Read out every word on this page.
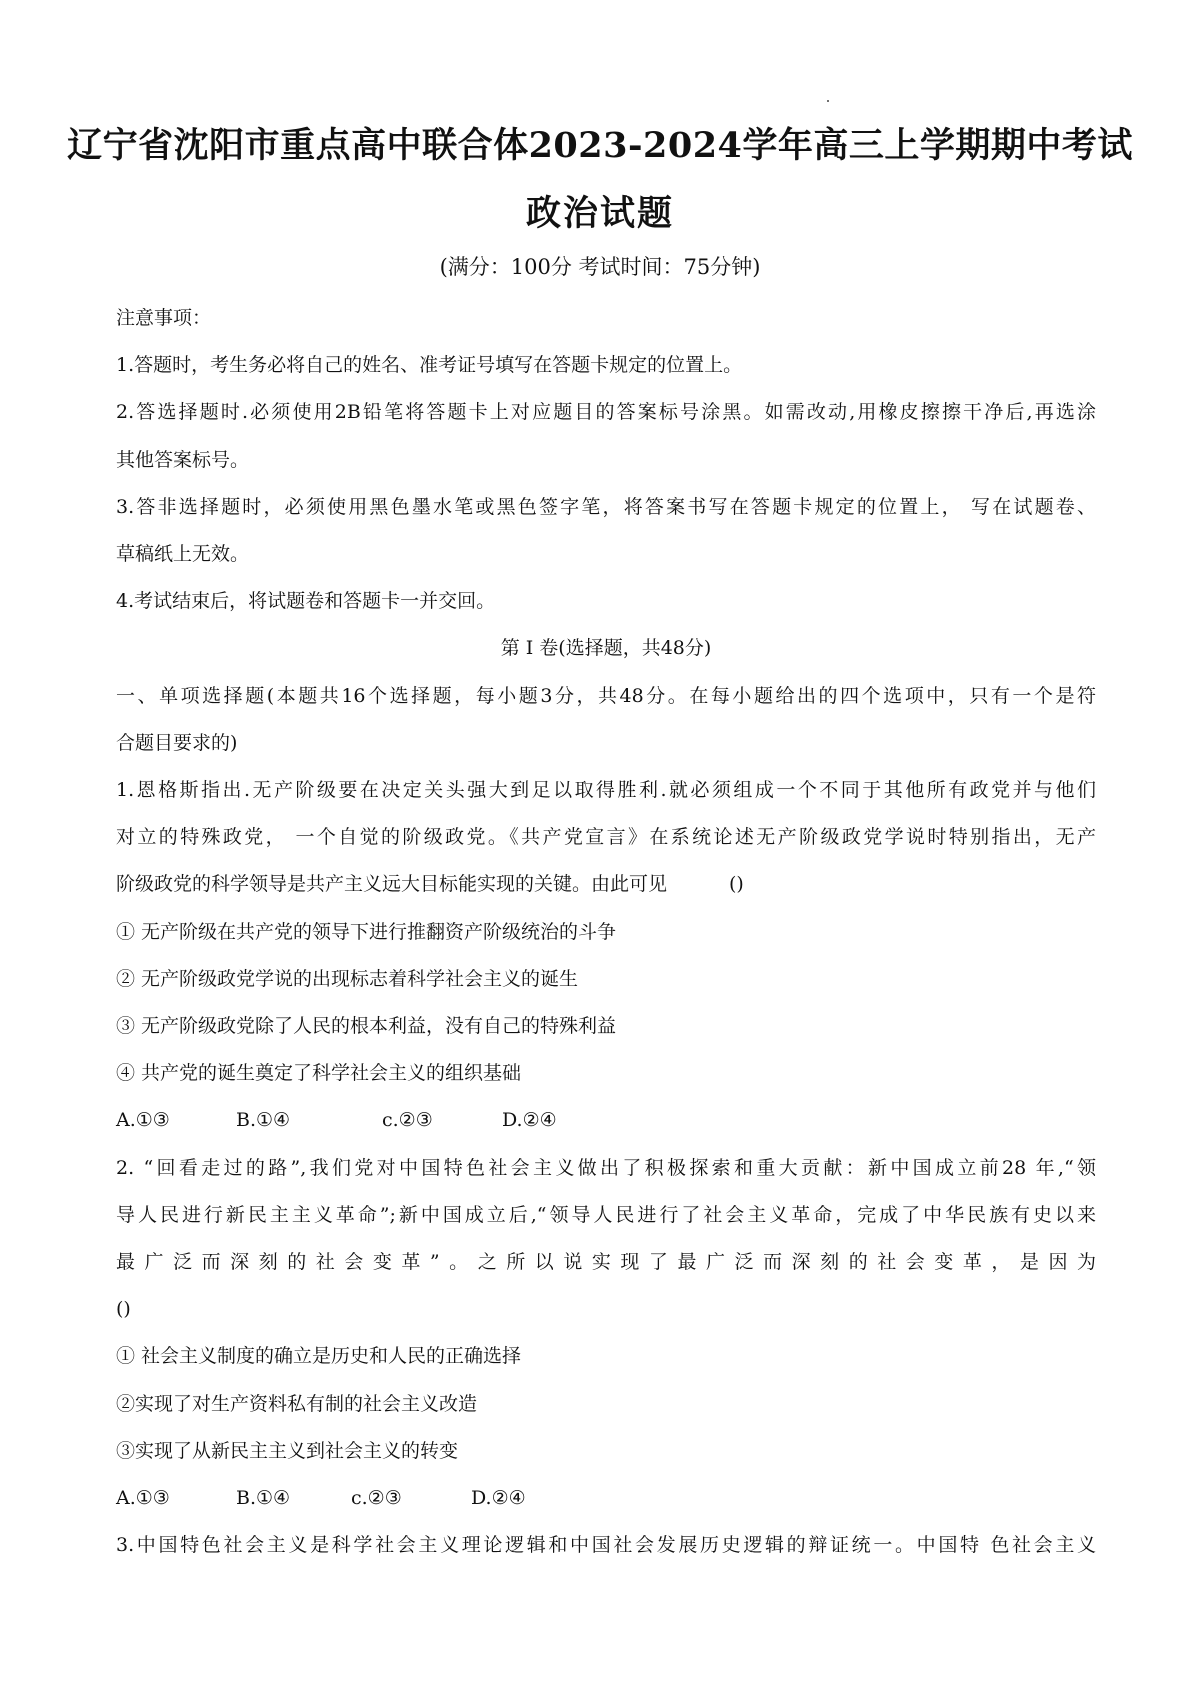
辽宁省沈阳市重点高中联合体2023-2024学年高三上学期期中考试
政治试题
(满分：100分 考试时间：75分钟)

注意事项：

1.答题时，考生务必将自己的姓名、准考证号填写在答题卡规定的位置上。

2.答选择题时.必须使用2B铅笔将答题卡上对应题目的答案标号涂黑。如需改动,用橡皮擦擦干净后,再选涂

其他答案标号。

3.答非选择题时，必须使用黑色墨水笔或黑色签字笔，将答案书写在答题卡规定的位置上， 写在试题卷、

草稿纸上无效。

4.考试结束后，将试题卷和答题卡一并交回。

第 I 卷(选择题，共48分)

一、单项选择题(本题共16个选择题，每小题3分，共48分。在每小题给出的四个选项中，只有一个是符

合题目要求的)

1.恩格斯指出.无产阶级要在决定关头强大到足以取得胜利.就必须组成一个不同于其他所有政党并与他们

对立的特殊政党， 一个自觉的阶级政党。《共产党宣言》在系统论述无产阶级政党学说时特别指出，无产

阶级政党的科学领导是共产主义远大目标能实现的关键。由此可见	()

① 无产阶级在共产党的领导下进行推翻资产阶级统治的斗争

② 无产阶级政党学说的出现标志着科学社会主义的诞生

③ 无产阶级政党除了人民的根本利益，没有自己的特殊利益

④ 共产党的诞生奠定了科学社会主义的组织基础

A.①③	B.①④	c.②③	D.②④

2. “回看走过的路”,我们党对中国特色社会主义做出了积极探索和重大贡献：新中国成立前28 年,“领

导人民进行新民主主义革命”;新中国成立后,“领导人民进行了社会主义革命，完成了中华民族有史以来

最广泛而深刻的社会变革”。之所以说实现了最广泛而深刻的社会变革，是因为

()

① 社会主义制度的确立是历史和人民的正确选择

②实现了对生产资料私有制的社会主义改造

③实现了从新民主主义到社会主义的转变

A.①③	B.①④	c.②③	D.②④

3.中国特色社会主义是科学社会主义理论逻辑和中国社会发展历史逻辑的辩证统一。中国特 色社会主义
